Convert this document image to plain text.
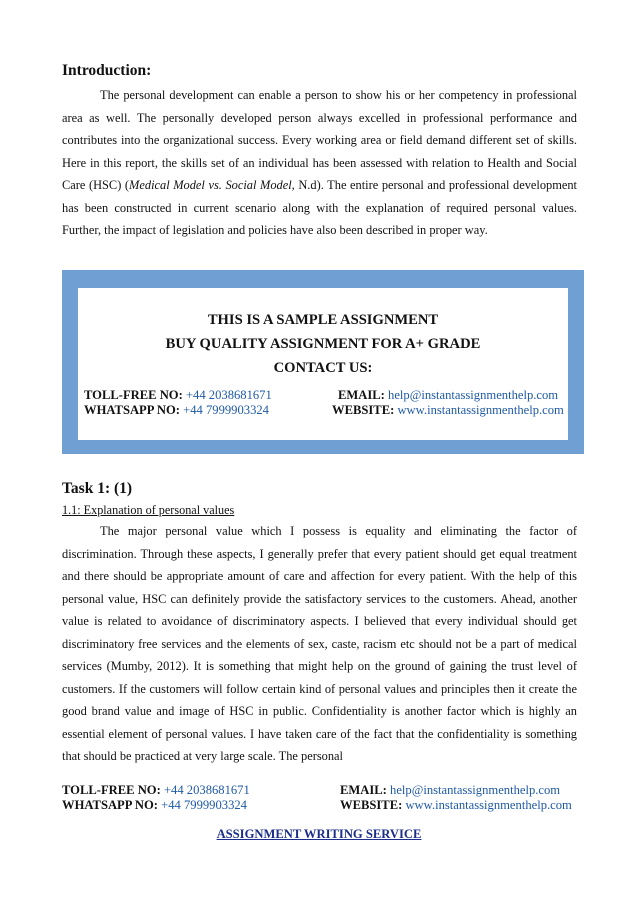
Introduction:

The personal development can enable a person to show his or her competency in professional area as well. The personally developed person always excelled in professional performance and contributes into the organizational success. Every working area or field demand different set of skills. Here in this report, the skills set of an individual has been assessed with relation to Health and Social Care (HSC) (Medical Model vs. Social Model, N.d). The entire personal and professional development has been constructed in current scenario along with the explanation of required personal values. Further, the impact of legislation and policies have also been described in proper way.

THIS IS A SAMPLE ASSIGNMENT
BUY QUALITY ASSIGNMENT FOR A+ GRADE
CONTACT US:
TOLL-FREE NO: +44 2038681671	EMAIL: help@instantassignmenthelp.com
WHATSAPP NO: +44 7999903324	WEBSITE: www.instantassignmenthelp.com
Task 1: (1)
1.1: Explanation of personal values

The major personal value which I possess is equality and eliminating the factor of discrimination. Through these aspects, I generally prefer that every patient should get equal treatment and there should be appropriate amount of care and affection for every patient. With the help of this personal value, HSC can definitely provide the satisfactory services to the customers. Ahead, another value is related to avoidance of discriminatory aspects. I believed that every individual should get discriminatory free services and the elements of sex, caste, racism etc should not be a part of medical services (Mumby, 2012). It is something that might help on the ground of gaining the trust level of customers. If the customers will follow certain kind of personal values and principles then it create the good brand value and image of HSC in public. Confidentiality is another factor which is highly an essential element of personal values. I have taken care of the fact that the confidentiality is something that should be practiced at very large scale. The personal

TOLL-FREE NO: +44 2038681671	EMAIL: help@instantassignmenthelp.com
WHATSAPP NO: +44 7999903324	WEBSITE: www.instantassignmenthelp.com
ASSIGNMENT WRITING SERVICE
